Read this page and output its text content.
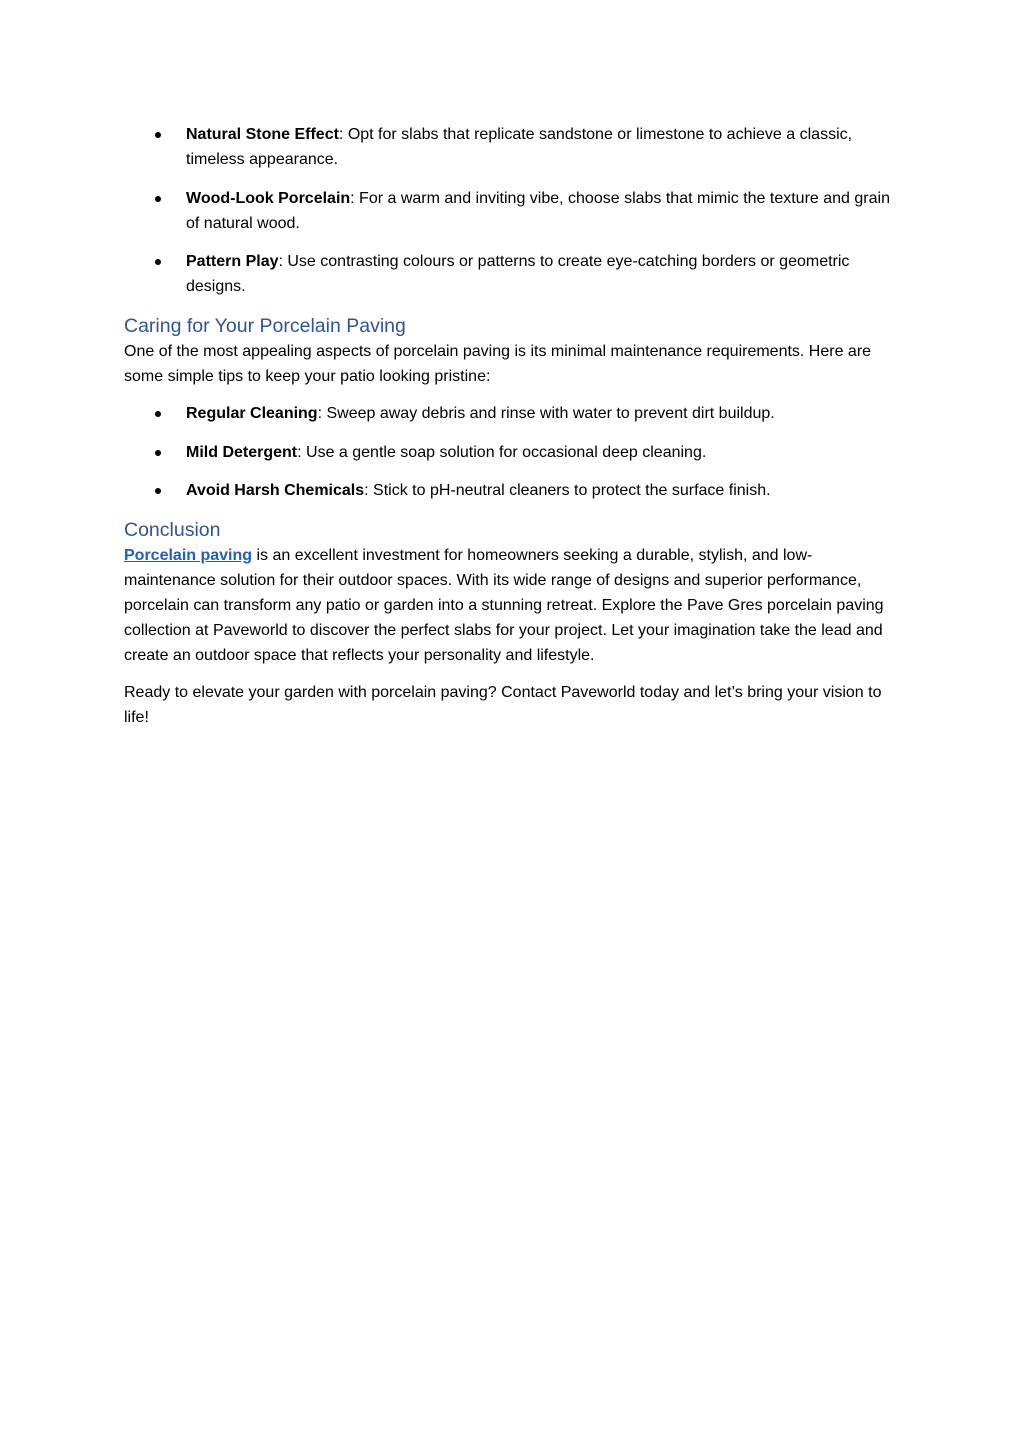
Natural Stone Effect: Opt for slabs that replicate sandstone or limestone to achieve a classic, timeless appearance.
Wood-Look Porcelain: For a warm and inviting vibe, choose slabs that mimic the texture and grain of natural wood.
Pattern Play: Use contrasting colours or patterns to create eye-catching borders or geometric designs.
Caring for Your Porcelain Paving

One of the most appealing aspects of porcelain paving is its minimal maintenance requirements. Here are some simple tips to keep your patio looking pristine:

Regular Cleaning: Sweep away debris and rinse with water to prevent dirt buildup.
Mild Detergent: Use a gentle soap solution for occasional deep cleaning.
Avoid Harsh Chemicals: Stick to pH-neutral cleaners to protect the surface finish.
Conclusion

Porcelain paving is an excellent investment for homeowners seeking a durable, stylish, and low-maintenance solution for their outdoor spaces. With its wide range of designs and superior performance, porcelain can transform any patio or garden into a stunning retreat. Explore the Pave Gres porcelain paving collection at Paveworld to discover the perfect slabs for your project. Let your imagination take the lead and create an outdoor space that reflects your personality and lifestyle.

Ready to elevate your garden with porcelain paving? Contact Paveworld today and let’s bring your vision to life!
